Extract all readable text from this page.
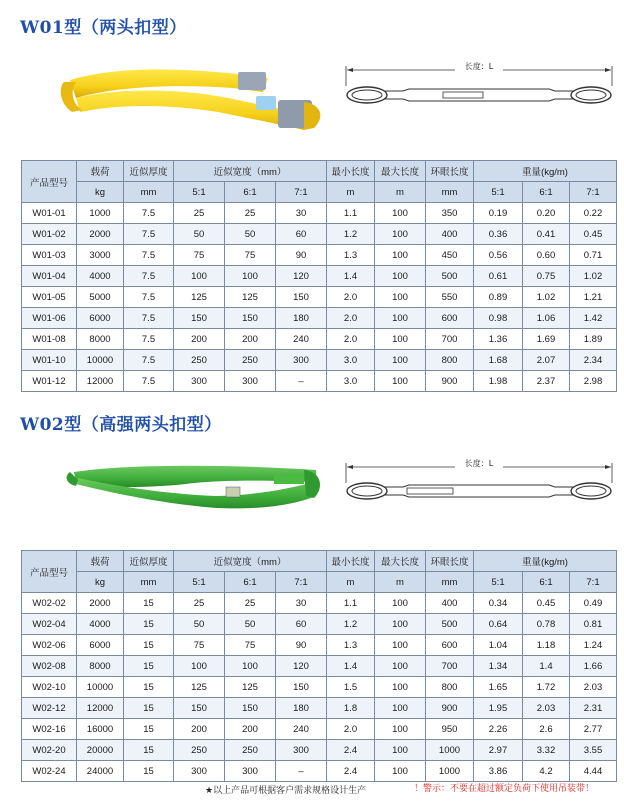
W01型（两头扣型）
长度：L
产品型号	载荷	近似厚度	近似宽度（mm）			最小长度	最大长度	环眼长度	重量(kg/m)		
	kg	mm	5:1	6:1	7:1	m	m	mm	5:1	6:1	7:1
W01-01	1000	7.5	25	25	30	1.1	100	350	0.19	0.20	0.22
W01-02	2000	7.5	50	50	60	1.2	100	400	0.36	0.41	0.45
W01-03	3000	7.5	75	75	90	1.3	100	450	0.56	0.60	0.71
W01-04	4000	7.5	100	100	120	1.4	100	500	0.61	0.75	1.02
W01-05	5000	7.5	125	125	150	2.0	100	550	0.89	1.02	1.21
W01-06	6000	7.5	150	150	180	2.0	100	600	0.98	1.06	1.42
W01-08	8000	7.5	200	200	240	2.0	100	700	1.36	1.69	1.89
W01-10	10000	7.5	250	250	300	3.0	100	800	1.68	2.07	2.34
W01-12	12000	7.5	300	300	–	3.0	100	900	1.98	2.37	2.98
W02型（高强两头扣型）
长度：L
产品型号	载荷	近似厚度	近似宽度（mm）			最小长度	最大长度	环眼长度	重量(kg/m)		
	kg	mm	5:1	6:1	7:1	m	m	mm	5:1	6:1	7:1
W02-02	2000	15	25	25	30	1.1	100	400	0.34	0.45	0.49
W02-04	4000	15	50	50	60	1.2	100	500	0.64	0.78	0.81
W02-06	6000	15	75	75	90	1.3	100	600	1.04	1.18	1.24
W02-08	8000	15	100	100	120	1.4	100	700	1.34	1.4	1.66
W02-10	10000	15	125	125	150	1.5	100	800	1.65	1.72	2.03
W02-12	12000	15	150	150	180	1.8	100	900	1.95	2.03	2.31
W02-16	16000	15	200	200	240	2.0	100	950	2.26	2.6	2.77
W02-20	20000	15	250	250	300	2.4	100	1000	2.97	3.32	3.55
W02-24	24000	15	300	300	–	2.4	100	1000	3.86	4.2	4.44
★以上产品可根据客户需求规格设计生产	！警示：不要在超过额定负荷下使用吊装带！
